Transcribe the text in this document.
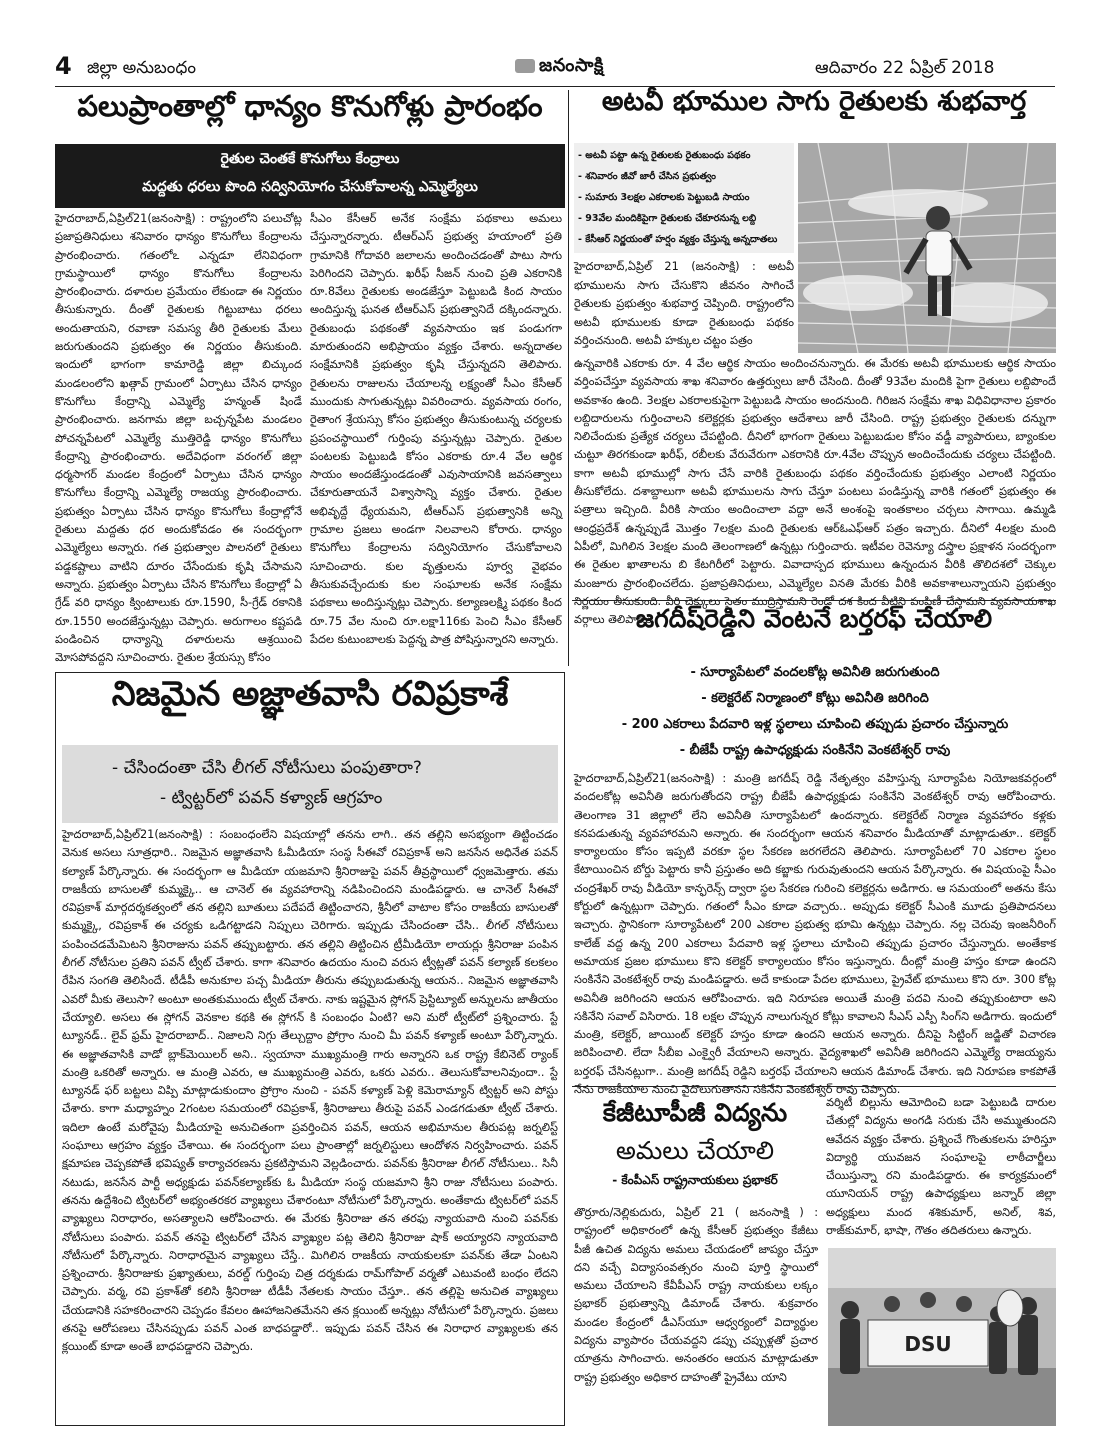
4 జిల్లా అనుబంధం	జనంసాక్షి	ఆదివారం 22 ఏప్రిల్ 2018
పలుప్రాంతాల్లో ధాన్యం కొనుగోళ్లు ప్రారంభం
రైతుల చెంతకే కొనుగోలు కేంద్రాలు
మద్దతు ధరలు పొంది సద్వినియోగం చేసుకోవాలన్న ఎమ్మెల్యేలు
హైదరాబాద్,ఏప్రిల్21(జనంసాక్షి) : రాష్ట్రంలోని పలుచోట్ల ప్రజాప్రతినిధులు శనివారం ధాన్యం కొనుగోలు కేంద్రాలను ప్రారంభించారు. గతంలోఽ ఎన్నడూ లేనివిధంగా గ్రామస్థాయిలో ధాన్యం కొనుగోలు కేంద్రాలను ప్రారంభించారు. దళారుల ప్రమేయం లేకుండా ఈ నిర్ణయం తీసుకున్నారు. దీంతో రైతులకు గిట్టుబాటు ధరలు అందుతాయని, రవాణా సమస్య తీరి రైతులకు మేలు జరుగుతుందని ప్రభుత్వం ఈ నిర్ణయం తీసుకుంది. ఇందులో భాగంగా కామారెడ్డి జిల్లా బిచ్కుంద మండలంలోని ఖత్గావ్ గ్రామంలో ఏర్పాటు చేసిన ధాన్యం కొనుగోలు కేంద్రాన్ని ఎమ్మెల్యే హన్మంత్ షిండే ప్రారంభించారు. జనగామ జిల్లా బచ్చన్నపేట మండలం పోచన్నపేటలో ఎమ్మెల్యే ముత్తిరెడ్డి ధాన్యం కొనుగోలు కేంద్రాన్ని ప్రారంభించారు. అదేవిధంగా వరంగల్ జిల్లా ధర్మసాగర్ మండల కేంద్రంలో ఏర్పాటు చేసిన ధాన్యం కొనుగోలు కేంద్రాన్ని ఎమ్మెల్యే రాజయ్య ప్రారంభించారు. ప్రభుత్వం ఏర్పాటు చేసిన ధాన్యం కొనుగోలు కేంద్రాల్లోనే రైతులు మద్దతు ధర అందుకోవడం ఈ సందర్భంగా ఎమ్మెల్యేలు అన్నారు. గత ప్రభుత్వాల పాలనలో రైతులు పడ్డకష్టాలు వాటిని దూరం చేసేందుకు కృషి చేసామని అన్నారు. ప్రభుత్వం ఏర్పాటు చేసిన కొనుగోలు కేంద్రాల్లో ఏ గ్రేడ్ వరి ధాన్యం క్వింటాలుకు రూ.1590, సీ-గ్రేడ్ రకానికి రూ.1550 అందజేస్తున్నట్లు చెప్పారు. అరుగాలం కష్టపడి పండించిన ధాన్యాన్ని దళారులను ఆశ్రయించి మోసపోవద్దని సూచించారు. రైతుల శ్రేయస్సు కోసం
సీఎం కేసీఆర్ అనేక సంక్షేమ పథకాలు అమలు చేస్తున్నారన్నారు. టీఆర్ఎస్ ప్రభుత్వ హయాంలో ప్రతి గ్రామానికి గోదావరి జలాలను అందించడంతో పాటు సాగు పెరిగిందని చెప్పారు. ఖరీఫ్ సీజన్ నుంచి ప్రతి ఎకరానికి రూ.8వేలు రైతులకు అండజేస్తూ పెట్టుబడి కింద సాయం అందిస్తున్న ఘనత టీఆర్ఎస్ ప్రభుత్వానిదే దక్కిందన్నారు. రైతుబంధు పథకంతో వ్యవసాయం ఇక పండుగగా మారుతుందని అభిప్రాయం వ్యక్తం చేశారు. అన్నదాతల సంక్షేమానికి ప్రభుత్వం కృషి చేస్తున్నదని తెలిపారు. రైతులను రాజులను చేయాలన్న లక్ష్యంతో సీఎం కేసీఆర్ ముందుకు సాగుతున్నట్లు వివరించారు. వ్యవసాయ రంగం, రైతాంగ శ్రేయస్సు కోసం ప్రభుత్వం తీసుకుంటున్న చర్యలకు ప్రపంచస్థాయిలో గుర్తింపు వస్తున్నట్లు చెప్పారు. రైతుల పంటలకు పెట్టుబడి కోసం ఎకరాకు రూ.4 వేల ఆర్థిక సాయం అందజేస్తుండడంతో ఎవుసాయానికి జవసత్వాలు చేకూరుతాయనే విశ్వాసాన్ని వ్యక్తం చేశారు. రైతుల అభివృద్దే ధ్యేయమని, టీఆర్ఎస్ ప్రభుత్వానికి అన్ని గ్రామాల ప్రజలు అండగా నిలవాలని కోరారు. ధాన్యం కొనుగోలు కేంద్రాలను సద్వినియోగం చేసుకోవాలని సూచించారు. కుల వృత్తులను పూర్వ వైభవం తీసుకువచ్చేందుకు కుల సంఘాలకు అనేక సంక్షేమ పథకాలు అందిస్తున్నట్లు చెప్పారు. కల్యాణలక్ష్మి పథకం కింద రూ.75 వేల నుంచి రూ.లక్షా116కు పెంచి సీఎం కేసీఆర్ పేదల కుటుంబాలకు పెద్దన్న పాత్ర పోషిస్తున్నారని అన్నారు.
అటవీ భూముల సాగు రైతులకు శుభవార్త
- అటవీ పట్టా ఉన్న రైతులకు రైతుబంధు పథకం
- శనివారం జీవో జారీ చేసిన ప్రభుత్వం
- సుమారు 3లక్షల ఎకరాలకు పెట్టుబడి సాయం
- 93వేల మందికిపైగా రైతులకు చేకూరనున్న లబ్ది
- కేసీఆర్ నిర్ణయంతో హర్షం వ్యక్తం చేస్తున్న అన్నదాతలు
హైదరాబాద్,ఏప్రిల్ 21 (జనంసాక్షి) : అటవీ భూములను సాగు చేసుకొని జీవనం సాగించే రైతులకు ప్రభుత్వం శుభవార్త చెప్పింది. రాష్ట్రంలోని అటవీ భూములకు కూడా రైతుబంధు పథకం వర్తించనుంది. అటవీ హక్కుల చట్టం పత్రం
ఉన్నవారికి ఎకరాకు రూ. 4 వేల ఆర్థిక సాయం అందించనున్నారు. ఈ మేరకు అటవీ భూములకు ఆర్థిక సాయం వర్తింపచేస్తూ వ్యవసాయ శాఖ శనివారం ఉత్తర్వులు జారీ చేసింది. దీంతో 93వేల మందికి పైగా రైతులు లబ్దిపొందే అవకాశం ఉంది. 3లక్షల ఎకరాలకుపైగా పెట్టుబడి సాయం అందనుంది. గిరిజన సంక్షేమ శాఖ విధివిధానాల ప్రకారం లబ్దిదారులను గుర్తించాలని కలెక్టర్లకు ప్రభుత్వం ఆదేశాలు జారీ చేసింది. రాష్ట్ర ప్రభుత్వం రైతులకు దన్నుగా నిలిచేందుకు ప్రత్యేక చర్యలు చేపట్టింది. దీనిలో భాగంగా రైతులు పెట్టుబడుల కోసం వడ్డీ వ్యాపారులు, బ్యాంకుల చుట్టూ తిరగకుండా ఖరీఫ్, రబీలకు వేరువేరుగా ఎకరానికి రూ.4వేల చొప్పున అందించేందుకు చర్యలు చేపట్టింది. కాగా అటవీ భూముల్లో సాగు చేసే వారికి రైతుబంధు పథకం వర్తించేందుకు ప్రభుత్వం ఎలాంటి నిర్ణయం తీసుకోలేదు. దశాబ్దాలుగా అటవీ భూములను సాగు చేస్తూ పంటలు పండిస్తున్న వారికి గతంలో ప్రభుత్వం ఈ పత్రాలు ఇచ్చింది. వీరికి సాయం అందించాలా వద్దా అనే అంశంపై ఇంతకాలం చర్చలు సాగాయి. ఉమ్మడి ఆంధ్రప్రదేశ్ ఉన్నప్పుడే మొత్తం 7లక్షల మంది రైతులకు ఆర్ఓఎఫ్ఆర్ పత్రం ఇచ్చారు. దీనిలో 4లక్షల మంది ఏపీలో, మిగిలిన 3లక్షల మంది తెలంగాణలో ఉన్నట్లు గుర్తించారు. ఇటీవల రెవెన్యూ దస్త్రాల ప్రక్షాళన సందర్భంగా ఈ రైతుల ఖాతాలను బి కేటగిరీలో పెట్టారు. వివాదాస్పద భూములు ఉన్నందున వీరికి తొలిదశలో చెక్కుల మంజూరు ప్రారంభించలేదు. ప్రజాప్రతినిధులు, ఎమ్మెల్యేల వినతి మేరకు వీరికి అవకాశాలున్నాయని ప్రభుత్వం నిర్ణయం తీసుకుంది. వీరి చెక్కులు సైతం ముద్రిస్తామని రెండో దశ కింద వీటిని పంపిణీ చేస్తామని వ్యవసాయశాఖ వర్గాలు తెలిపాయి.
జగదీష్‌రెడ్డిని వెంటనే బర్తరఫ్ చేయాలి
- సూర్యాపేటలో వందలకోట్ల అవినీతి జరుగుతుంది
- కలెక్టరేట్ నిర్మాణంలో కోట్లు అవినీతి జరిగింది
- 200 ఎకరాలు పేదవారి ఇళ్ల స్థలాలు చూపించి తప్పుడు ప్రచారం చేస్తున్నారు
- బీజేపీ రాష్ట్ర ఉపాధ్యక్షుడు సంకినేని వెంకటేశ్వర్ రావు
హైదరాబాద్,ఏప్రిల్21(జనంసాక్షి) : మంత్రి జగదీష్ రెడ్డి నేతృత్వం వహిస్తున్న సూర్యాపేట నియోజకవర్గంలో వందలకోట్ల అవినీతి జరుగుతోందని రాష్ట్ర బీజేపీ ఉపాధ్యక్షుడు సంకినేని వెంకటేశ్వర్ రావు ఆరోపించారు. తెలంగాణ 31 జిల్లాలో లేని అవినీతి సూర్యాపేటలో ఉందన్నారు. కలెక్టరేట్ నిర్మాణ వ్యవహారం కళ్లకు కనపడుతున్న వ్యవహారమని అన్నారు. ఈ సందర్భంగా ఆయన శనివారం మీడియాతో మాట్లాడుతూ.. కలెక్టర్ కార్యాలయం కోసం ఇప్పటి వరకూ స్థల సేకరణ జరగలేదని తెలిపారు. సూర్యాపేటలో 70 ఎకరాల స్థలం కేటాయించిన బోర్డు పెట్టారు కానీ ప్రస్తుతం అది కబ్జాకు గురువుతుందని ఆయన పేర్కొన్నారు. ఈ విషయంపై సీఎం చంద్రశేఖర్ రావు వీడియో కాన్ఫరెన్స్ ద్వారా స్థల సేకరణ గురించి కలెక్టర్లను అడిగారు. ఆ సమయంలో అతను కేసు కోర్టులో ఉన్నట్లుగా చెప్పారు. గతంలో సీఎం కూడా వచ్చారు.. అప్పుడు కలెక్టర్ సీఎంకి మూడు ప్రతిపాదనలు ఇచ్చారు. స్థానికంగా సూర్యాపేటలో 200 ఎకరాల ప్రభుత్వ భూమి ఉన్నట్లు చెప్పారు. నల్ల చెరువు ఇంజనీరింగ్ కాలేజ్ వద్ద ఉన్న 200 ఎకరాలు పేదవారి ఇళ్ల స్థలాలు చూపించి తప్పుడు ప్రచారం చేస్తున్నారు. అంతేకాక అమాయక ప్రజల భూములు కొని కలెక్టర్ కార్యాలయం కోసం ఇస్తున్నారు. దీంట్లో మంత్రి హస్తం కూడా ఉందని సంకినేని వెంకటేశ్వర్ రావు మండిపడ్డారు. అదే కాకుండా పేదల భూములు, ప్రైవేట్ భూములు కొని రూ. 300 కోట్ల అవినీతి జరిగిందని ఆయన ఆరోపించారు. ఇది నిరూపణ అయితే మంత్రి పదవి నుంచి తప్పుకుంటారా అని సకినేని సవాల్ విసిరారు. 18 లక్షల చొప్పున నాలుగున్నర కోట్లు కావాలని సీఎస్ ఎస్పీ సింగ్‌ని అడిగారు. ఇందులో మంత్రి, కలెక్టర్, జాయింట్ కలెక్టర్ హస్తం కూడా ఉందని ఆయన అన్నారు. దీనిపై సిట్టింగ్ జడ్జితో విచారణ జరిపించాలి. లేదా సీబీఐ ఎంక్వైరీ వేయాలని అన్నారు. వైద్యశాఖలో అవినీతి జరిగిందని ఎమ్మెల్యే రాజయ్యను బర్తరఫ్ చేసినట్లుగా.. మంత్రి జగదీష్ రెడ్డిని బర్తరఫ్ చేయాలని ఆయన డిమాండ్ చేశారు. ఇది నిరూపణ కాకపోతే నేను రాజకీయాల నుంచి వైదొలుగుతానని సకినేని వెంకటేశ్వర్ రావు చెప్పారు.
నిజమైన అజ్ఞాతవాసి రవిప్రకాశే
- చేసిందంతా చేసి లీగల్ నోటీసులు పంపుతారా?
- ట్విట్టర్‌లో పవన్ కళ్యాణ్ ఆగ్రహం
హైదరాబాద్,ఏప్రిల్21(జనంసాక్షి) : సంబంధంలేని విషయాల్లో తనను లాగి.. తన తల్లిని అసభ్యంగా తిట్టించడం వెనుక అసలు సూత్రధారి.. నిజమైన అజ్ఞాతవాసి ఓమీడియా సంస్థ సీఈవో రవిప్రకాశ్ అని జనసేన అధినేత పవన్ కల్యాణ్ పేర్కొన్నారు. ఈ సందర్భంగా ఆ మీడియా యజమాని శ్రీనిరాజుపై పవన్ తీవ్రస్థాయిలో ధ్వజమెత్తారు. తమ రాజకీయ బాసులతో కుమ్మక్కై.. ఆ చానెల్ ఈ వ్యవహారాన్ని నడిపించిందని మండిపడ్డారు. ఆ చానెల్ సీఈవో రవిప్రకాశ్ మార్గదర్శకత్వంలో తన తల్లిని బూతులు పదేపదే తిట్టించారని, శ్రీనీలో వాటాల కోసం రాజకీయ బాసులతో కుమ్మక్కై, రవిప్రకాశ్ ఈ చర్యకు ఒడిగట్టాడని నిప్పులు చెరిగారు. ఇప్పుడు చేసిందంతా చేసి.. లీగల్ నోటీసులు పంపించడమేమిటని శ్రీనిరాజును పవన్ తప్పుబట్టారు. తన తల్లిని తిట్టించిన ట్రీమీడియో లాయర్లు శ్రీనిరాజు పంపిన లీగల్ నోటీసుల ప్రతిని పవన్ ట్వీట్ చేశారు. కాగా శనివారం ఉదయం నుంచి వరుస ట్వీట్లతో పవన్ కల్యాణ్ కలకలం రేపిన సంగతి తెలిసిందే. టీడీపీ అనుకూల పచ్చ మీడియా తీరును తప్పుబడుతున్న ఆయన.. నిజమైన అజ్ఞాతవాసి ఎవరో మీకు తెలుసా? అంటూ అంతకుముందు ట్వీట్ చేశారు. నాకు ఇష్టమైన స్లోగన్ ప్రెస్టిట్యూట్ అన్నులను జాతీయం చేయ్యాలి. అసలు ఈ స్లోగన్ వెనకాల కథకి ఈ స్లోగన్ కి సంబంధం ఏంటి? అని మరో ట్వీట్‌లో ప్రశ్నించారు. స్టే ట్యూనడ్.. లైవ్ ఫ్రమ్ హైదరాబాద్.. నిజాలని నిగ్గు తేల్చుద్దాం ప్రోగ్రాం నుంచి మీ పవన్ కళ్యాణ్ అంటూ పేర్కొన్నారు. ఈ అజ్ఞాతవాసికి వాడో బ్లాక్‌మెయిలర్ అని.. స్వయానా ముఖ్యమంత్రి గారు అన్నారని ఒక రాష్ట్ర కేబినెట్ ర్యాంక్ మంత్రి ఒకరితో అన్నారు. ఆ మంత్రి ఎవరు, ఆ ముఖ్యమంత్రి ఎవరు, ఒకరు ఎవరు.. తెలుసుకోవాలనివుందా.. స్టే ట్యూనడ్ ఫర్ బట్టలు విప్పి మాట్లాడుకుందాం ప్రోగ్రాం నుంచి - పవన్ కళ్యాణ్ పెళ్లి కెమెరామ్యాన్ ట్విట్టర్ అని పోస్టు చేశారు. కాగా మధ్యాహ్నం 2గంటల సమయంలో రవిప్రకాశ్, శ్రీనిరాజులు తీరుపై పవన్ ఎండగడుతూ ట్వీట్ చేశారు. ఇదిలా ఉంటే మరోవైపు మీడియాపై అనుచితంగా ప్రవర్తించిన పవన్, ఆయన అభిమానుల తీరుపట్ల జర్నలిస్ట్ సంఘాలు ఆగ్రహం వ్యక్తం చేశాయి. ఈ సందర్భంగా పలు ప్రాంతాల్లో జర్నలిస్టులు ఆందోళన నిర్వహించారు. పవన్ క్షమాపణ చెప్పకపోతే భవిష్యత్ కార్యాచరణను ప్రకటిస్తామని వెల్లడించారు. పవన్‌కు శ్రీనిరాజు లీగల్ నోటీసులు.. సినీ నటుడు, జనసేన పార్టీ అధ్యక్షుడు పవన్‌కల్యాణ్‌కు ఓ మీడియా సంస్థ యజమాని శ్రీని రాజు నోటీసులు పంపారు. తనను ఉద్దేశించి ట్విటర్‌లో అభ్యంతరకర వ్యాఖ్యలు చేశారంటూ నోటీసులో పేర్కొన్నారు. అంతేకాదు ట్విటర్‌లో పవన్ వ్యాఖ్యలు నిరాధారం, అసత్యాలని ఆరోపించారు. ఈ మేరకు శ్రీనిరాజు తన తరఫు న్యాయవాది నుంచి పవన్‌కు నోటీసులు పంపారు. పవన్ తనపై ట్విటర్‌లో చేసిన వ్యాఖ్యల పట్ల తెలిని శ్రీనిరాజు షాక్ అయ్యారని న్యాయవాది నోటీసులో పేర్కొన్నారు. నిరాధారమైన వ్యాఖ్యలు చేస్తే.. మిగిలిన రాజకీయ నాయకులకూ పవన్‌కు తేడా ఏంటని ప్రశ్నించారు. శ్రీనిరాజుకు ప్రఖ్యాతులు, వరల్డ్ గుర్తింపు చిత్ర దర్శకుడు రామ్‌గోపాల్ వర్మతో ఎటువంటి బంధం లేదని చెప్పారు. వర్మ, రవి ప్రకాశ్‌తో కలిసి శ్రీనిరాజు టీడీపీ నేతలకు సాయం చేస్తూ.. తన తల్లిపై అనుచిత వ్యాఖ్యలు చేయడానికి సహకరించారని చెప్పడం కేవలం ఊహాజనితమేనని తన క్లయింట్ అన్నట్లు నోటీసులో పేర్కొన్నారు. ప్రజలు తనపై ఆరోపణలు చేసినప్పుడు పవన్ ఎంత బాధపడ్డారో.. ఇప్పుడు పవన్ చేసిన ఈ నిరాధార వ్యాఖ్యలకు తన క్లయింట్ కూడా అంతే బాధపడ్డారని చెప్పారు.
కేజీటూపీజీ విద్యను
అమలు చేయాలి
- కేంపీఎస్ రాష్ట్రనాయకులు ప్రభాకర్
తొర్రూరు/నెల్లికుదురు, ఏప్రిల్ 21 ( జనంసాక్షి ) : రాష్ట్రంలో అధికారంలో ఉన్న కేసీఆర్ ప్రభుత్వం కేజీటు పీజీ ఉచిత విద్యను అమలు చేయడంలో జాప్యం చేస్తూ దని వచ్చే విద్యాసంవత్సరం నుంచి పూర్తి స్థాయిలో అమలు చేయాలని కేవీపీఎస్ రాష్ట్ర నాయకులు లక్కం ప్రభాకర్ ప్రభుత్వాన్ని డిమాండ్ చేశారు. శుక్రవారం మండల కేంద్రంలో డీఎస్‌యూ ఆధ్వర్యంలో విద్యార్థుల విద్యను వ్యాపారం చేయవద్దని డప్పు చప్పుళ్లతో ప్రచార యాత్రను సాగించారు. అనంతరం ఆయన మాట్లాడుతూ రాష్ట్ర ప్రభుత్వం అధికార దాహంతో ప్రైవేటు యాని
వర్శిటీ బిల్లును ఆమోదించి బడా పెట్టుబడి దారుల చేతుల్లో విద్యను అంగడి సరుకు చేసి అమ్ముతుందని ఆవేదన వ్యక్తం చేశారు. ప్రశ్నించే గొంతుకలను హరిస్తూ విద్యార్థి యువజన సంఘాలపై లాఠీచార్జీలు చేయిస్తున్నా రని మండిపడ్డారు. ఈ కార్యక్రమంలో యూనియన్ రాష్ట్ర ఉపాధ్యక్షులు జన్నార్ జిల్లా అధ్యక్షులు మంద శశికుమార్, అనిల్, శివ, రాజ్‌కుమార్, భాషా, గౌతం తదితరులు ఉన్నారు.
DSU
